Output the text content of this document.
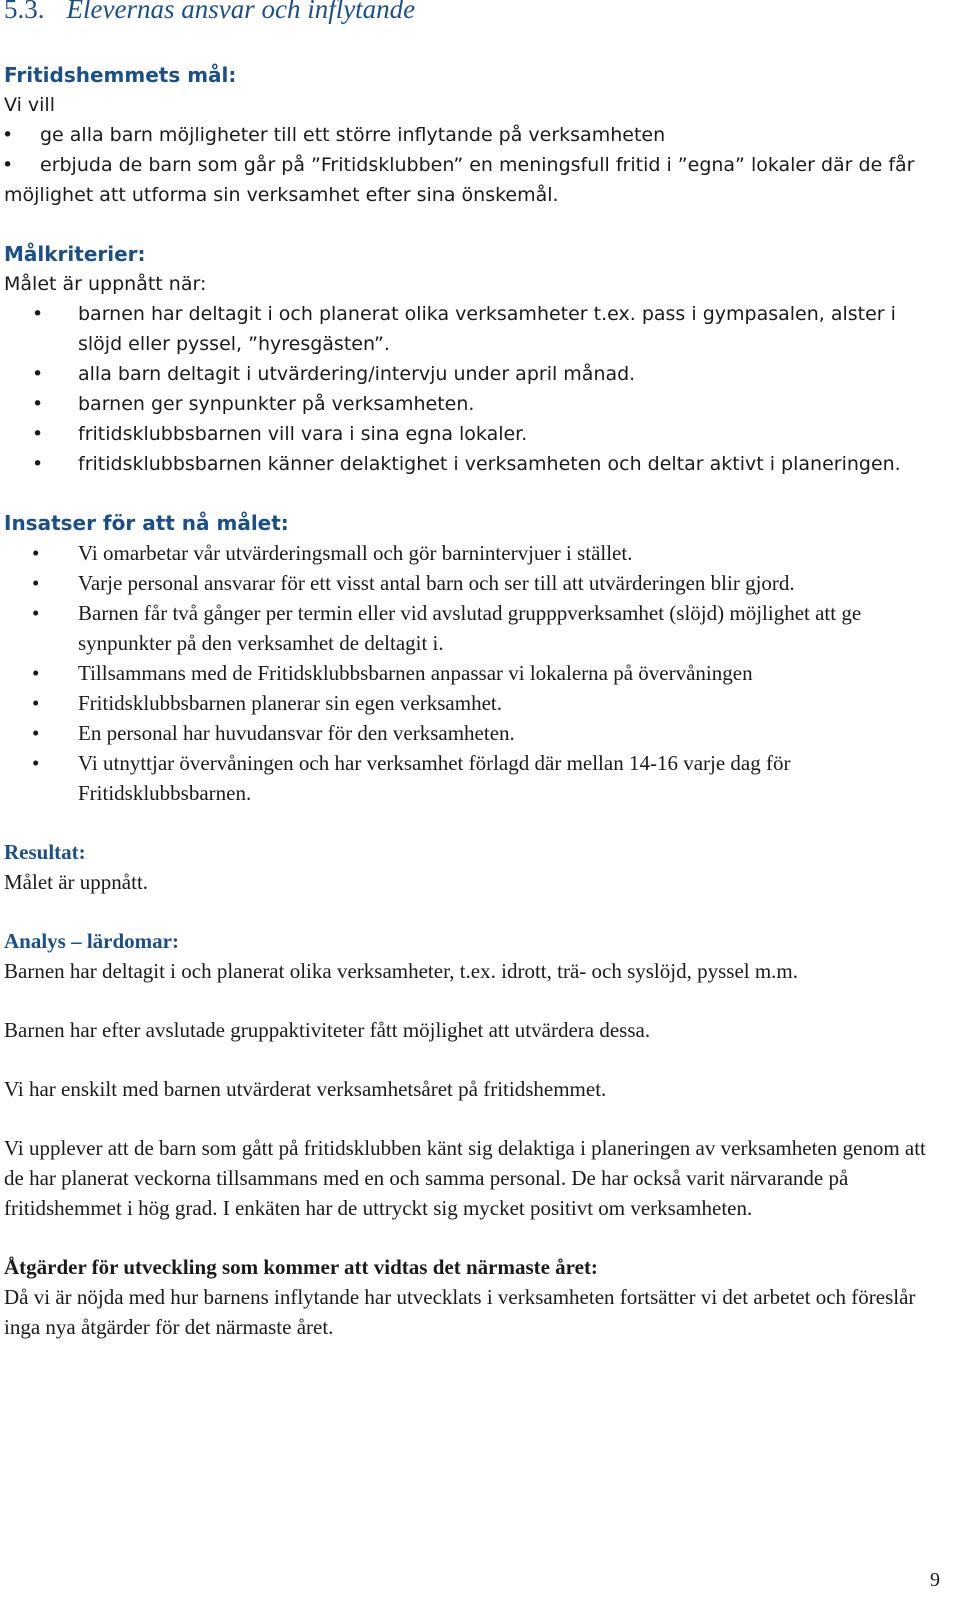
5.3. Elevernas ansvar och inflytande

Fritidshemmets mål:

Vi vill

• ge alla barn möjligheter till ett större inflytande på verksamheten
• erbjuda de barn som går på ”Fritidsklubben” en meningsfull fritid i ”egna” lokaler där de får möjlighet att utforma sin verksamhet efter sina önskemål.

Målkriterier:

Målet är uppnått när:

• barnen har deltagit i och planerat olika verksamheter t.ex. pass i gympasalen, alster i slöjd eller pyssel, ”hyresgästen”.
• alla barn deltagit i utvärdering/intervju under april månad.
• barnen ger synpunkter på verksamheten.
• fritidsklubbsbarnen vill vara i sina egna lokaler.
• fritidsklubbsbarnen känner delaktighet i verksamheten och deltar aktivt i planeringen.

Insatser för att nå målet:

• Vi omarbetar vår utvärderingsmall och gör barnintervjuer i stället.
• Varje personal ansvarar för ett visst antal barn och ser till att utvärderingen blir gjord.
• Barnen får två gånger per termin eller vid avslutad grupppverksamhet (slöjd) möjlighet att ge synpunkter på den verksamhet de deltagit i.
• Tillsammans med de Fritidsklubbsbarnen anpassar vi lokalerna på övervåningen
• Fritidsklubbsbarnen planerar sin egen verksamhet.
• En personal har huvudansvar för den verksamheten.
• Vi utnyttjar övervåningen och har verksamhet förlagd där mellan 14-16 varje dag för Fritidsklubbsbarnen.

Resultat:

Målet är uppnått.

Analys – lärdomar:

Barnen har deltagit i och planerat olika verksamheter, t.ex. idrott, trä- och syslöjd, pyssel m.m.

Barnen har efter avslutade gruppaktiviteter fått möjlighet att utvärdera dessa.

Vi har enskilt med barnen utvärderat verksamhetsåret på fritidshemmet.

Vi upplever att de barn som gått på fritidsklubben känt sig delaktiga i planeringen av verksamheten genom att de har planerat veckorna tillsammans med en och samma personal. De har också varit närvarande på fritidshemmet i hög grad. I enkäten har de uttryckt sig mycket positivt om verksamheten.

Åtgärder för utveckling som kommer att vidtas det närmaste året:

Då vi är nöjda med hur barnens inflytande har utvecklats i verksamheten fortsätter vi det arbetet och föreslår inga nya åtgärder för det närmaste året.

9
